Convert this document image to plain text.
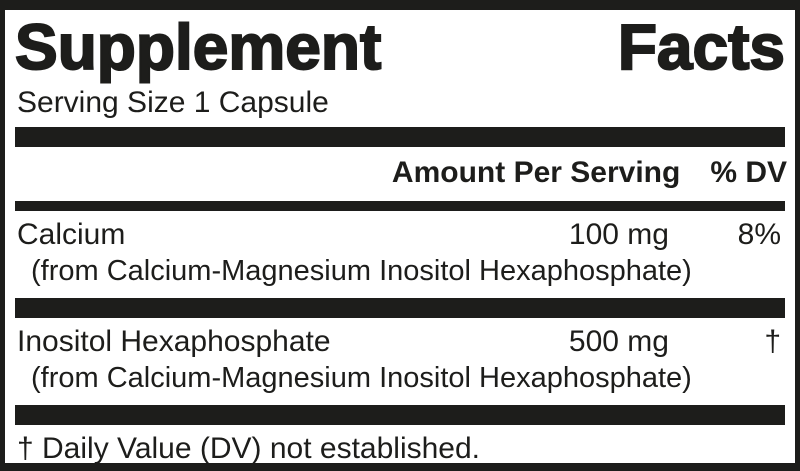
Supplement	Facts
Serving Size 1 Capsule
Amount Per Serving % DV
Calcium	100 mg	8%
(from Calcium-Magnesium Inositol Hexaphosphate)
Inositol Hexaphosphate	500 mg	†
(from Calcium-Magnesium Inositol Hexaphosphate)
† Daily Value (DV) not established.
